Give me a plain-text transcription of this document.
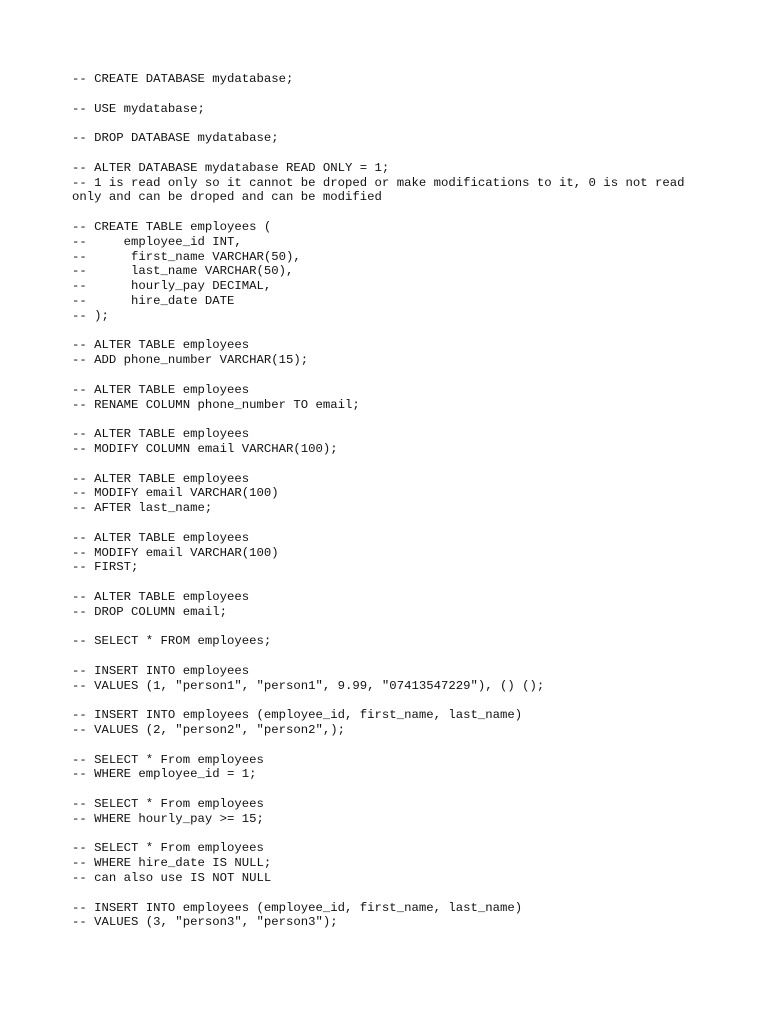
-- CREATE DATABASE mydatabase;
-- USE mydatabase;
-- DROP DATABASE mydatabase;
-- ALTER DATABASE mydatabase READ ONLY = 1;
-- 1 is read only so it cannot be droped or make modifications to it, 0 is not read
only and can be droped and can be modified
-- CREATE TABLE employees (
--     employee_id INT,
--      first_name VARCHAR(50),
--      last_name VARCHAR(50),
--      hourly_pay DECIMAL,
--      hire_date DATE
-- );
-- ALTER TABLE employees
-- ADD phone_number VARCHAR(15);
-- ALTER TABLE employees
-- RENAME COLUMN phone_number TO email;
-- ALTER TABLE employees
-- MODIFY COLUMN email VARCHAR(100);
-- ALTER TABLE employees
-- MODIFY email VARCHAR(100)
-- AFTER last_name;
-- ALTER TABLE employees
-- MODIFY email VARCHAR(100)
-- FIRST;
-- ALTER TABLE employees
-- DROP COLUMN email;
-- SELECT * FROM employees;
-- INSERT INTO employees
-- VALUES (1, "person1", "person1", 9.99, "07413547229"), () ();
-- INSERT INTO employees (employee_id, first_name, last_name)
-- VALUES (2, "person2", "person2",);
-- SELECT * From employees
-- WHERE employee_id = 1;
-- SELECT * From employees
-- WHERE hourly_pay >= 15;
-- SELECT * From employees
-- WHERE hire_date IS NULL;
-- can also use IS NOT NULL
-- INSERT INTO employees (employee_id, first_name, last_name)
-- VALUES (3, "person3", "person3");
